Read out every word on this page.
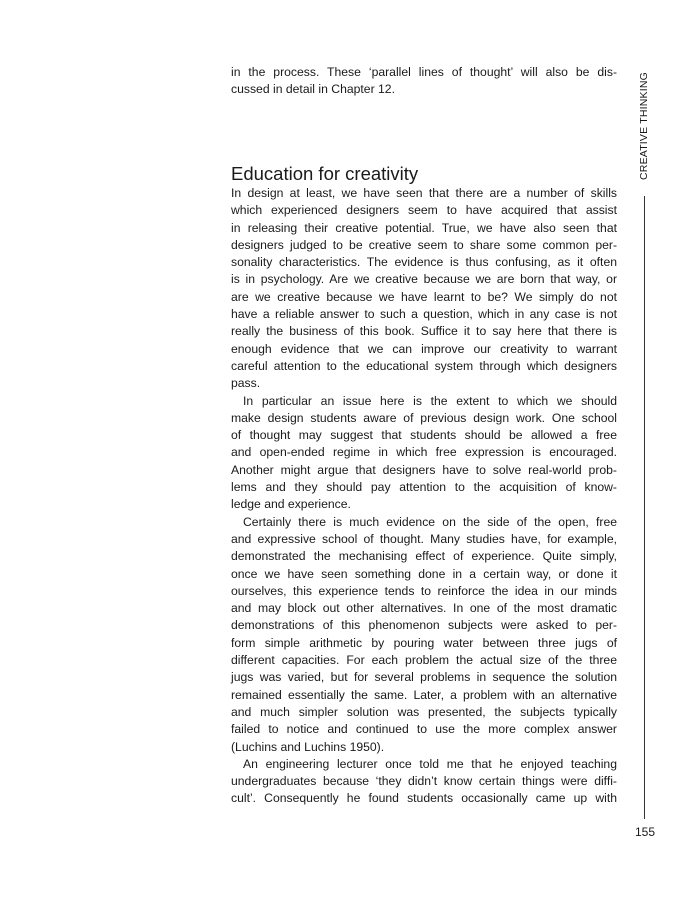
in the process. These ‘parallel lines of thought’ will also be dis-
cussed in detail in Chapter 12.
Education for creativity
In design at least, we have seen that there are a number of skills
which experienced designers seem to have acquired that assist
in releasing their creative potential. True, we have also seen that
designers judged to be creative seem to share some common per-
sonality characteristics. The evidence is thus confusing, as it often
is in psychology. Are we creative because we are born that way, or
are we creative because we have learnt to be? We simply do not
have a reliable answer to such a question, which in any case is not
really the business of this book. Suffice it to say here that there is
enough evidence that we can improve our creativity to warrant
careful attention to the educational system through which designers
pass.
In particular an issue here is the extent to which we should
make design students aware of previous design work. One school
of thought may suggest that students should be allowed a free
and open-ended regime in which free expression is encouraged.
Another might argue that designers have to solve real-world prob-
lems and they should pay attention to the acquisition of know-
ledge and experience.
Certainly there is much evidence on the side of the open, free
and expressive school of thought. Many studies have, for example,
demonstrated the mechanising effect of experience. Quite simply,
once we have seen something done in a certain way, or done it
ourselves, this experience tends to reinforce the idea in our minds
and may block out other alternatives. In one of the most dramatic
demonstrations of this phenomenon subjects were asked to per-
form simple arithmetic by pouring water between three jugs of
different capacities. For each problem the actual size of the three
jugs was varied, but for several problems in sequence the solution
remained essentially the same. Later, a problem with an alternative
and much simpler solution was presented, the subjects typically
failed to notice and continued to use the more complex answer
(Luchins and Luchins 1950).
An engineering lecturer once told me that he enjoyed teaching
undergraduates because ‘they didn’t know certain things were diffi-
cult’. Consequently he found students occasionally came up with
CREATIVE THINKING
155
